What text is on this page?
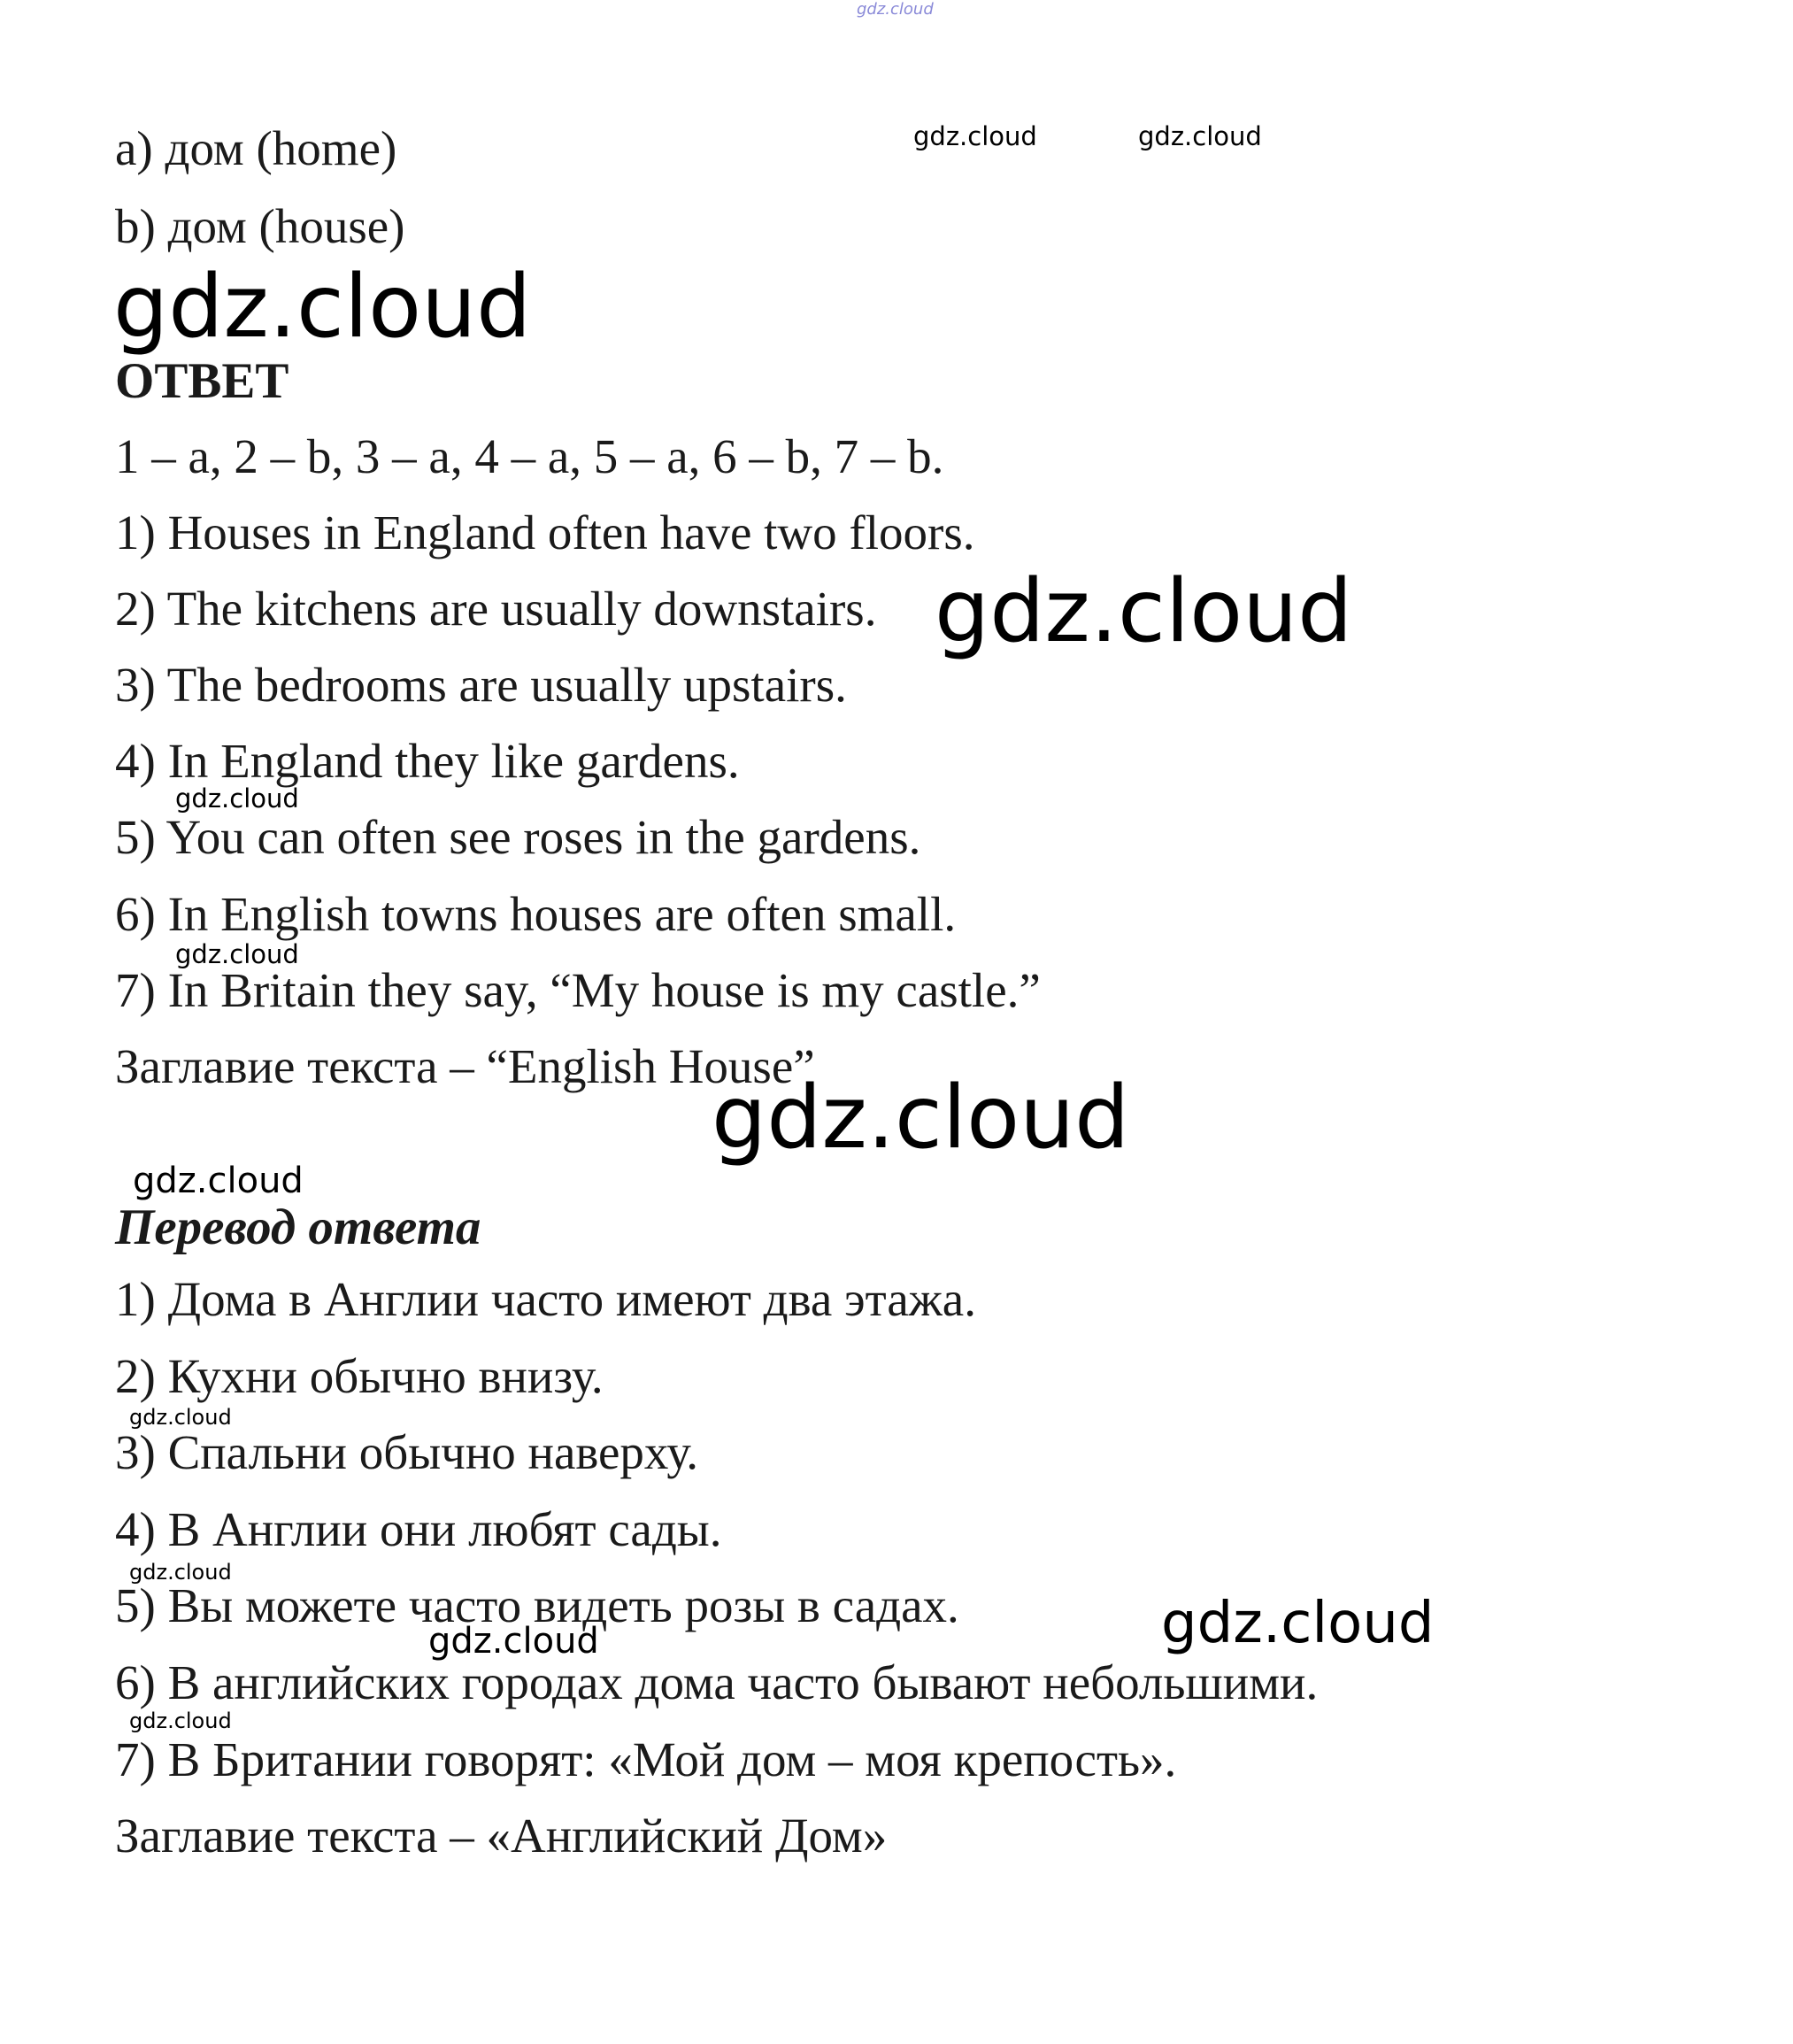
gdz.cloud

a) дом (home)

b) дом (house)

gdz.cloud	gdz.cloud

gdz.cloud

ОТВЕТ

1 – a, 2 – b, 3 – a, 4 – a, 5 – a, 6 – b, 7 – b.

1) Houses in England often have two floors.

2) The kitchens are usually downstairs.

3) The bedrooms are usually upstairs.

4) In England they like gardens.

5) You can often see roses in the gardens.

6) In English towns houses are often small.

7) In Britain they say, “My house is my castle.”

Заглавие текста – “English House”

gdz.cloud

gdz.cloud

gdz.cloud

gdz.cloud

gdz.cloud

Перевод ответа

1) Дома в Англии часто имеют два этажа.

2) Кухни обычно внизу.

3) Спальни обычно наверху.

4) В Англии они любят сады.

5) Вы можете часто видеть розы в садах.

6) В английских городах дома часто бывают небольшими.

7) В Британии говорят: «Мой дом – моя крепость».

Заглавие текста – «Английский Дом»

gdz.cloud

gdz.cloud

gdz.cloud

gdz.cloud

gdz.cloud
